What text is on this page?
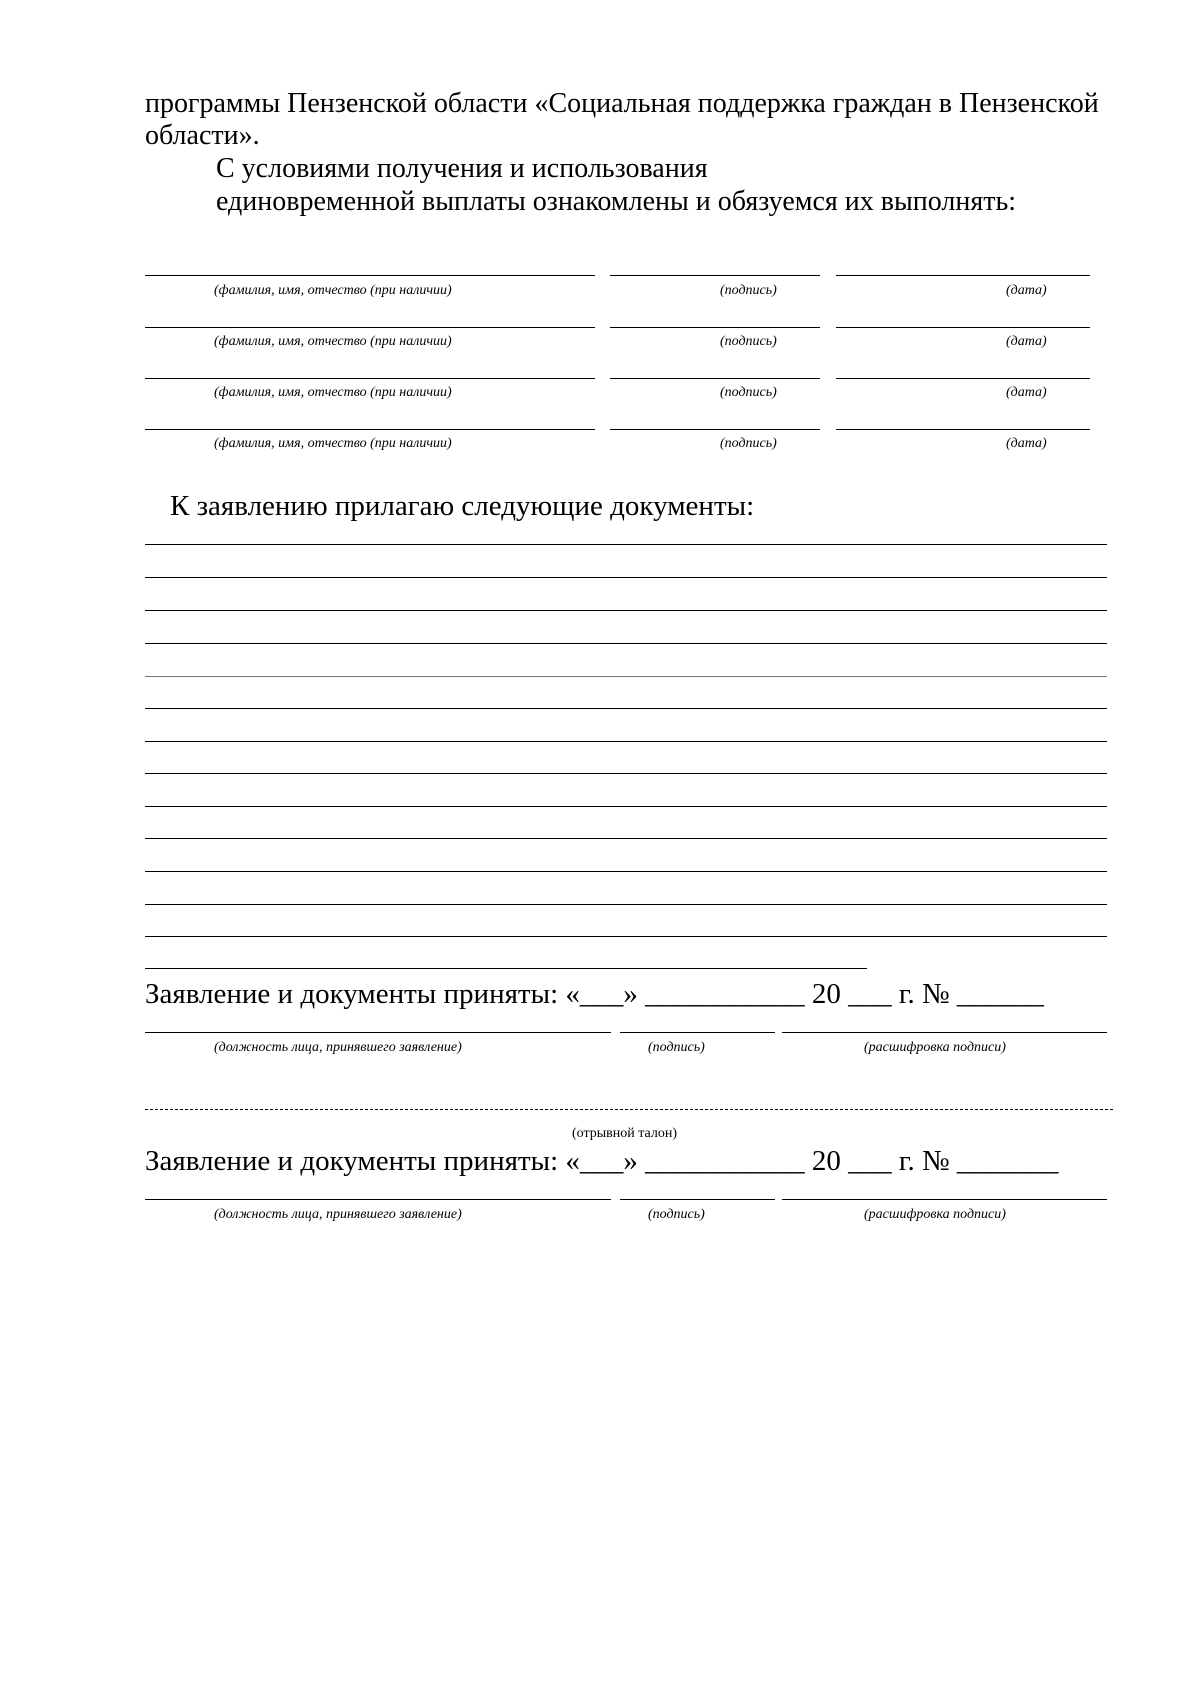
программы Пензенской области «Социальная поддержка граждан в Пензенской
области».
С условиями получения и использования
единовременной выплаты ознакомлены и обязуемся их выполнять:
(фамилия, имя, отчество (при наличии)	(подпись)	(дата)
(фамилия, имя, отчество (при наличии)	(подпись)	(дата)
(фамилия, имя, отчество (при наличии)	(подпись)	(дата)
(фамилия, имя, отчество (при наличии)	(подпись)	(дата)
К заявлению прилагаю следующие документы:
Заявление и документы приняты: «___» ___________ 20 ___ г. № ______
(должность лица, принявшего заявление)	(подпись)	(расшифровка подписи)
(отрывной талон)
Заявление и документы приняты: «___» ___________ 20 ___ г. № _______
(должность лица, принявшего заявление)	(подпись)	(расшифровка подписи)
